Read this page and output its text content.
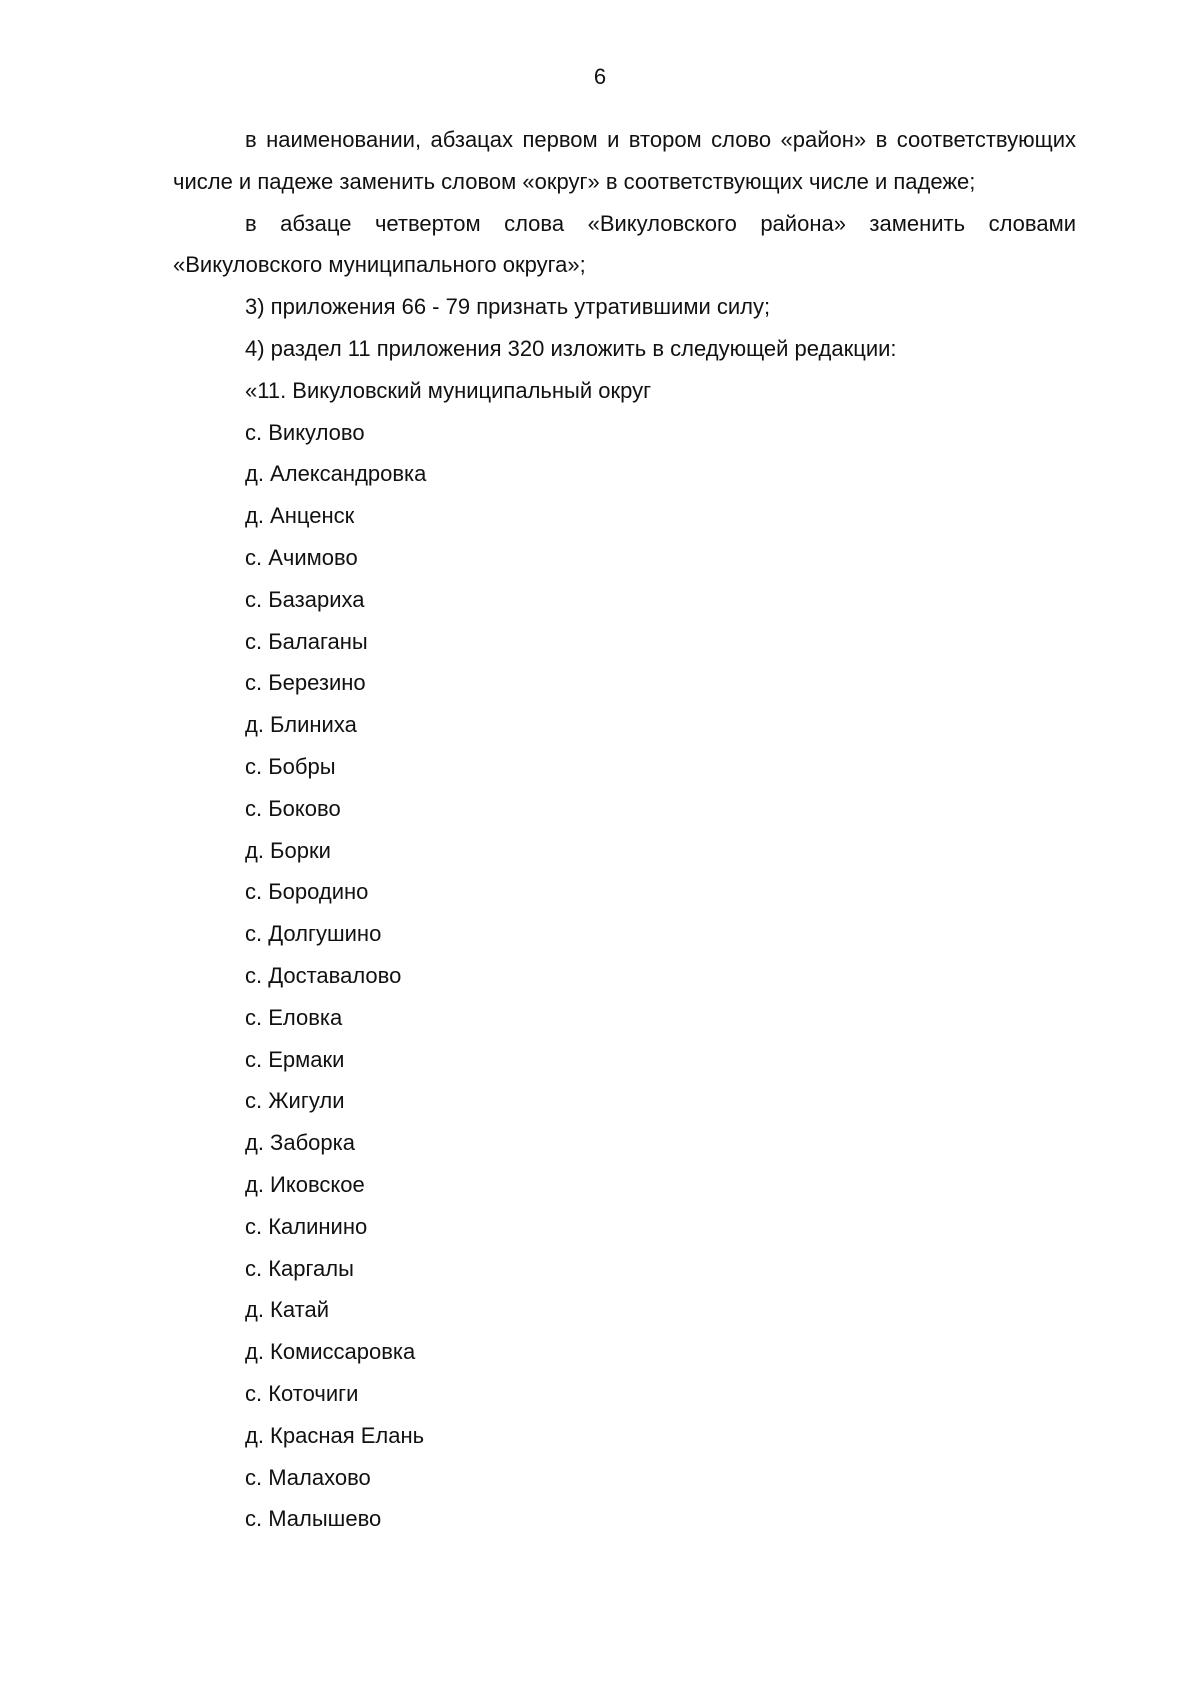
6

в наименовании, абзацах первом и втором слово «район» в соответствующих числе и падеже заменить словом «округ» в соответствующих числе и падеже;

в абзаце четвертом слова «Викуловского района» заменить словами «Викуловского муниципального округа»;

3) приложения 66 - 79 признать утратившими силу;

4) раздел 11 приложения 320 изложить в следующей редакции:

«11. Викуловский муниципальный округ

с. Викулово
д. Александровка
д. Анценск
с. Ачимово
с. Базариха
с. Балаганы
с. Березино
д. Блиниха
с. Бобры
с. Боково
д. Борки
с. Бородино
с. Долгушино
с. Доставалово
с. Еловка
с. Ермаки
с. Жигули
д. Заборка
д. Иковское
с. Калинино
с. Каргалы
д. Катай
д. Комиссаровка
с. Коточиги
д. Красная Елань
с. Малахово
с. Малышево
